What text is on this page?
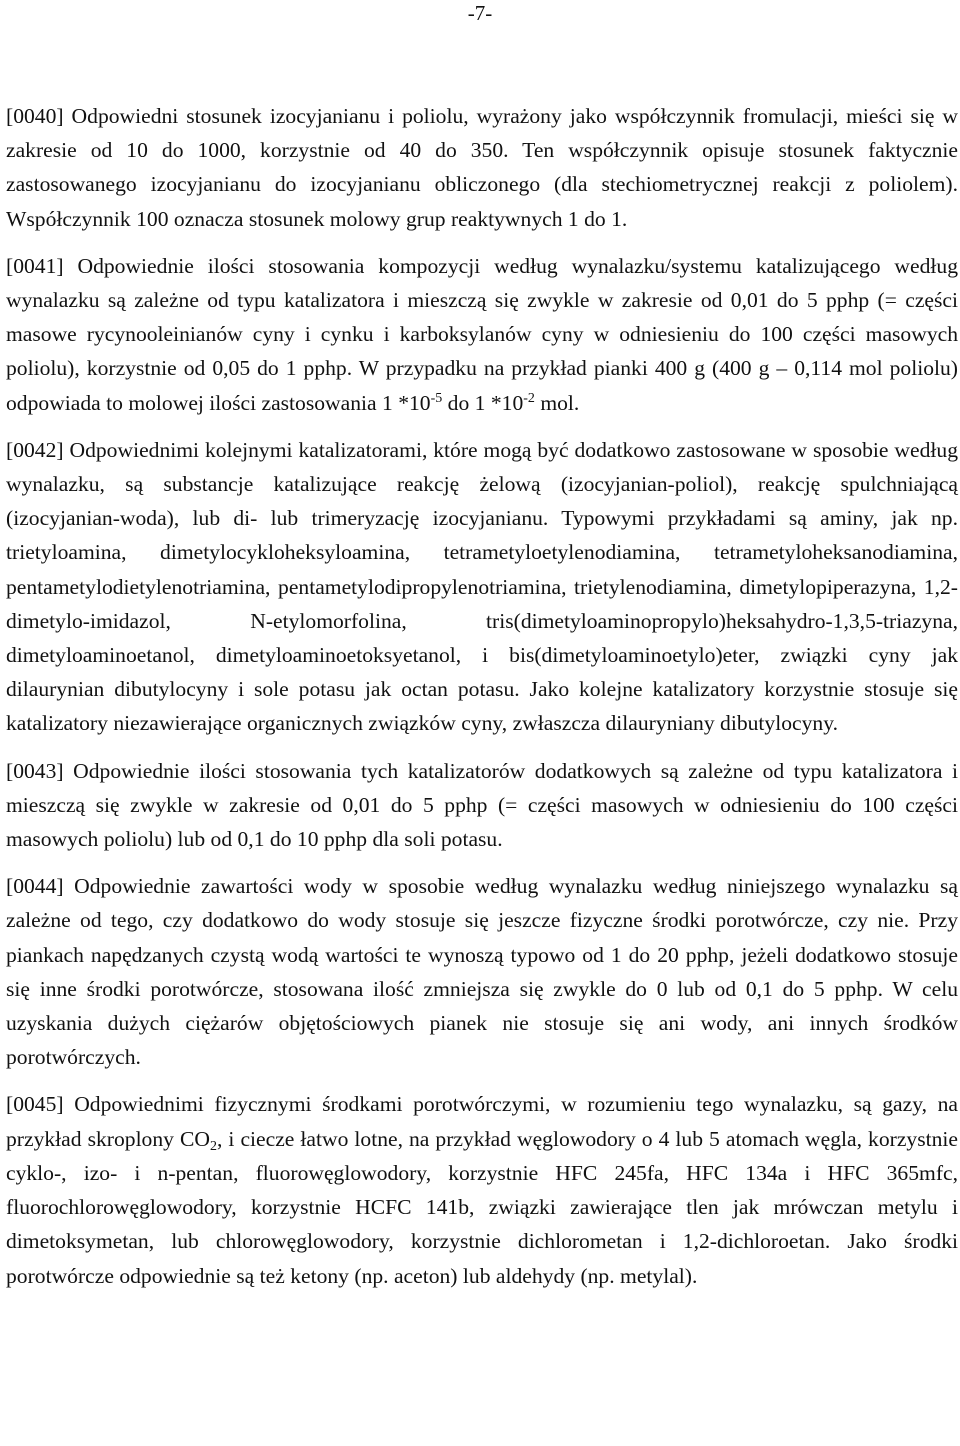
-7-

[0040] Odpowiedni stosunek izocyjanianu i poliolu, wyrażony jako współczynnik fromulacji, mieści się w zakresie od 10 do 1000, korzystnie od 40 do 350. Ten współczynnik opisuje stosunek faktycznie zastosowanego izocyjanianu do izocyjanianu obliczonego (dla stechiometrycznej reakcji z poliolem). Współczynnik 100 oznacza stosunek molowy grup reaktywnych 1 do 1.

[0041] Odpowiednie ilości stosowania kompozycji według wynalazku/systemu katalizującego według wynalazku są zależne od typu katalizatora i mieszczą się zwykle w zakresie od 0,01 do 5 pphp (= części masowe rycynooleinianów cyny i cynku i karboksylanów cyny w odniesieniu do 100 części masowych poliolu), korzystnie od 0,05 do 1 pphp. W przypadku na przykład pianki 400 g (400 g – 0,114 mol poliolu) odpowiada to molowej ilości zastosowania 1 $*10^{-5}$ do 1 $*10^{-2}$ mol.

[0042] Odpowiednimi kolejnymi katalizatorami, które mogą być dodatkowo zastosowane w sposobie według wynalazku, są substancje katalizujące reakcję żelową (izocyjanian-poliol), reakcję spulchniającą (izocyjanian-woda), lub di- lub trimeryzację izocyjanianu. Typowymi przykładami są aminy, jak np. trietyloamina, dimetylocykloheksyloamina, tetrametyloetylenodiamina, tetrametyloheksanodiamina, pentametylodietylenotriamina, pentametylodipropylenotriamina, trietylenodiamina, dimetylopiperazyna, 1,2-dimetylo-imidazol, N-etylomorfolina, tris(dimetyloaminopropylo)heksahydro-1,3,5-triazyna, dimetyloaminoetanol, dimetyloaminoetoksyetanol, i bis(dimetyloaminoetylo)eter, związki cyny jak dilaurynian dibutylocyny i sole potasu jak octan potasu. Jako kolejne katalizatory korzystnie stosuje się katalizatory niezawierające organicznych związków cyny, zwłaszcza dilauryniany dibutylocyny.

[0043] Odpowiednie ilości stosowania tych katalizatorów dodatkowych są zależne od typu katalizatora i mieszczą się zwykle w zakresie od 0,01 do 5 pphp (= części masowych w odniesieniu do 100 części masowych poliolu) lub od 0,1 do 10 pphp dla soli potasu.

[0044] Odpowiednie zawartości wody w sposobie według wynalazku według niniejszego wynalazku są zależne od tego, czy dodatkowo do wody stosuje się jeszcze fizyczne środki porotwórcze, czy nie. Przy piankach napędzanych czystą wodą wartości te wynoszą typowo od 1 do 20 pphp, jeżeli dodatkowo stosuje się inne środki porotwórcze, stosowana ilość zmniejsza się zwykle do 0 lub od 0,1 do 5 pphp. W celu uzyskania dużych ciężarów objętościowych pianek nie stosuje się ani wody, ani innych środków porotwórczych.

[0045] Odpowiednimi fizycznymi środkami porotwórczymi, w rozumieniu tego wynalazku, są gazy, na przykład skroplony $CO_2$, i ciecze łatwo lotne, na przykład węglowodory o 4 lub 5 atomach węgla, korzystnie cyklo-, izo- i n-pentan, fluorowęglowodory, korzystnie HFC 245fa, HFC 134a i HFC 365mfc, fluorochlorowęglowodory, korzystnie HCFC 141b, związki zawierające tlen jak mrówczan metylu i dimetoksymetan, lub chlorowęglowodory, korzystnie dichlorometan i 1,2-dichloroetan. Jako środki porotwórcze odpowiednie są też ketony (np. aceton) lub aldehydy (np. metylal).
